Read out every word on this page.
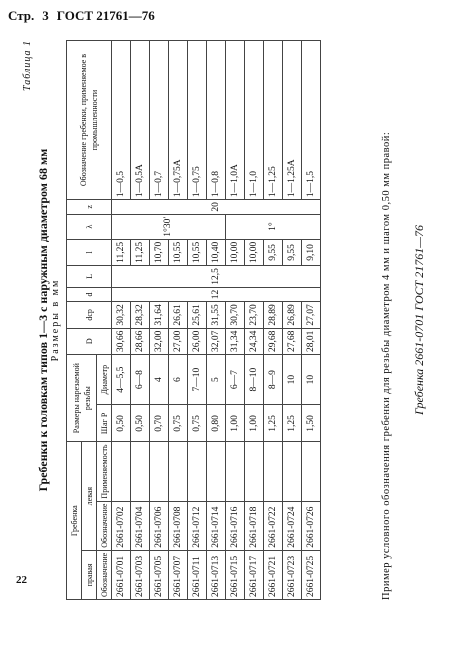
Стр. 3 ГОСТ 21761—76
22
Таблица 1
Гребенки к головкам типов 1—3 с наружным диаметром 68 мм Размеры в мм
Гребенка			Размеры нарезаемой резьбы		D	dср	d	L	l	λ	z	Обозначение гребенки, применяемое в промышленности
правая	левая											
Обозначение	Обозначение	Применяемость	Шаг P	Диаметр								
2661-0701	2661-0702		0,50	4—5,5	30,66	30,32	12	12,5	11,25	1°30′	20	1—0,5
2661-0703	2661-0704		0,50	6—8	28,66	28,32			11,25			1—0,5А
2661-0705	2661-0706		0,70	4	32,00	31,64			10,70			1—0,7
2661-0707	2661-0708		0,75	6	27,00	26,61			10,55			1—0,75А
2661-0711	2661-0712		0,75	7—10	26,00	25,61			10,55			1—0,75
2661-0713	2661-0714		0,80	5	32,07	31,55			10,40			1—0,8
2661-0715	2661-0716		1,00	6—7	31,34	30,70			10,00	1°		1—1,0А
2661-0717	2661-0718		1,00	8—10	24,34	23,70			10,00			1—1,0
2661-0721	2661-0722		1,25	8—9	29,68	28,89			9,55			1—1,25
2661-0723	2661-0724		1,25	10	27,68	26,89			9,55			1—1,25А
2661-0725	2661-0726		1,50	10	28,01	27,07			9,10			1—1,5	Пример условного обозначения гребенки для резьбы диаметром 4 мм и шагом 0,50 мм правой: Гребенка 2661-0701 ГОСТ 21761—76
